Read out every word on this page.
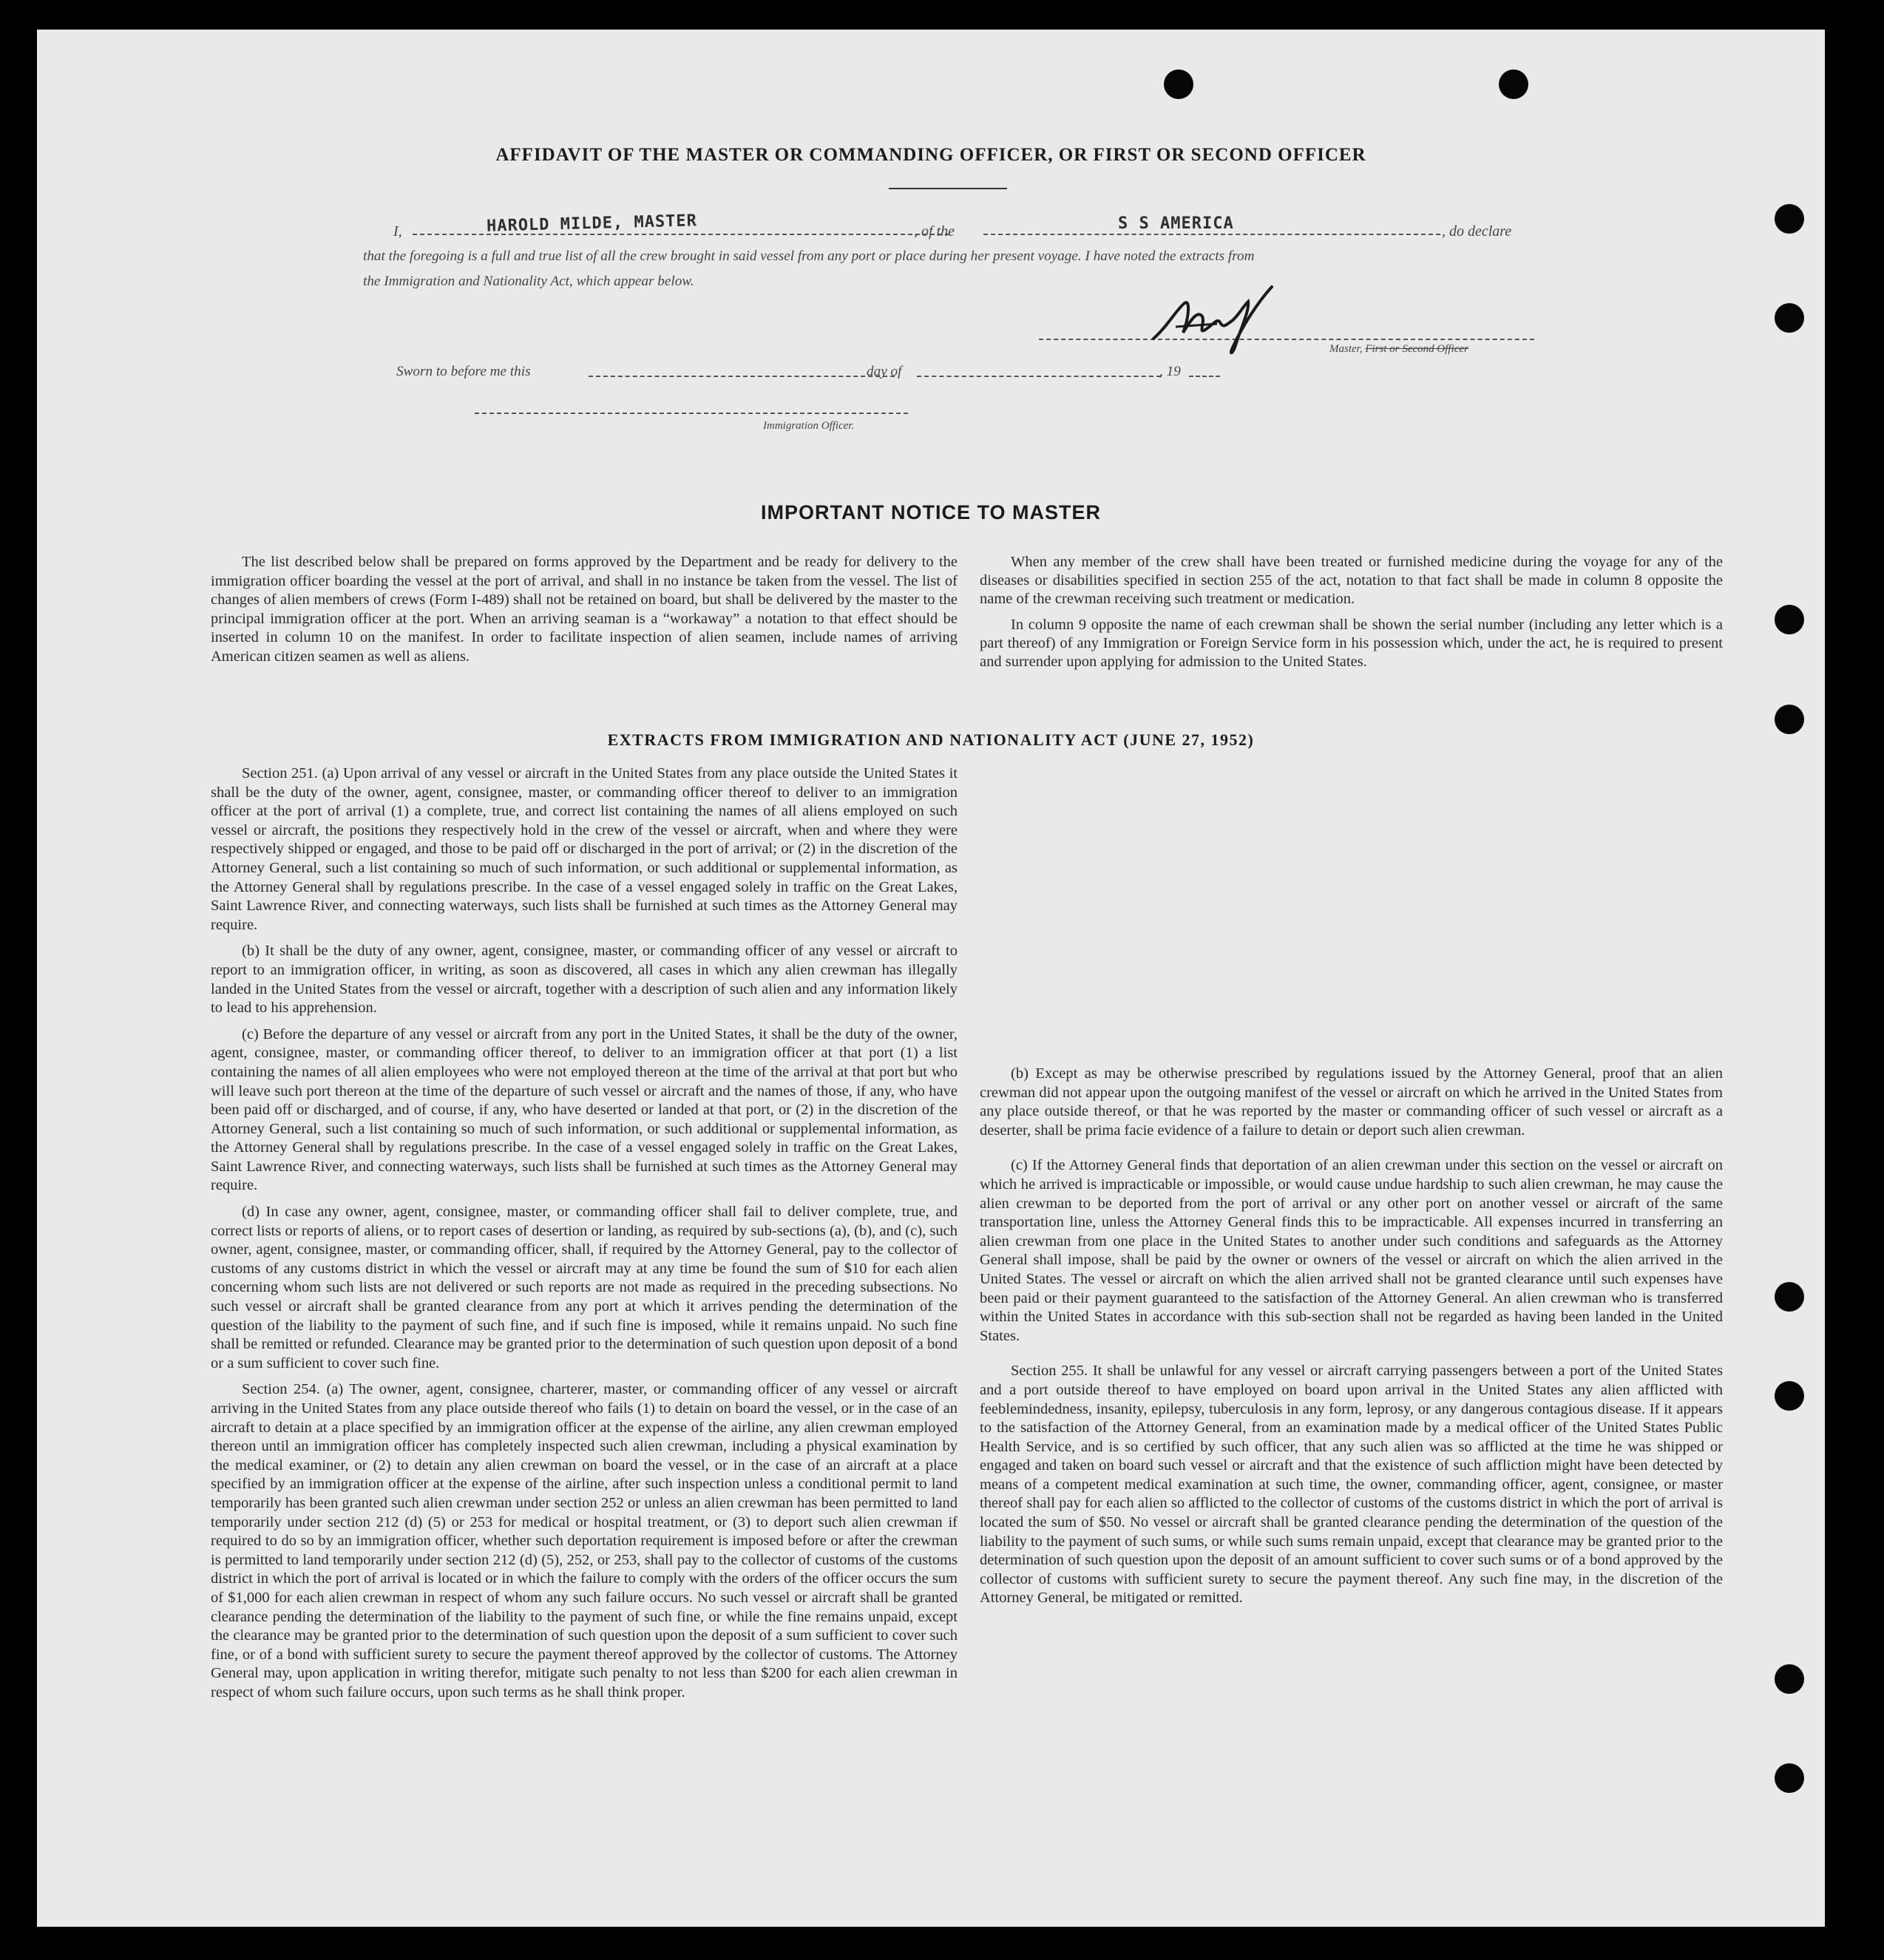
AFFIDAVIT OF THE MASTER OR COMMANDING OFFICER, OR FIRST OR SECOND OFFICER
I,	HAROLD MILDE, MASTER	, of the	S S AMERICA	, do declare
that the foregoing is a full and true list of all the crew brought in said vessel from any port or place during her present voyage. I have noted the extracts from
the Immigration and Nationality Act, which appear below.
Master, First or Second Officer
Sworn to before me this	day of	, 19
Immigration Officer.
IMPORTANT NOTICE TO MASTER

The list described below shall be prepared on forms approved by the Department and be ready for delivery to the immigration officer boarding the vessel at the port of arrival, and shall in no instance be taken from the vessel. The list of changes of alien members of crews (Form I-489) shall not be retained on board, but shall be delivered by the master to the principal immigration officer at the port. When an arriving seaman is a “workaway” a notation to that effect should be inserted in column 10 on the manifest. In order to facilitate inspection of alien seamen, include names of arriving American citizen seamen as well as aliens.

When any member of the crew shall have been treated or furnished medicine during the voyage for any of the diseases or disabilities specified in section 255 of the act, notation to that fact shall be made in column 8 opposite the name of the crewman receiving such treatment or medication.

In column 9 opposite the name of each crewman shall be shown the serial number (including any letter which is a part thereof) of any Immigration or Foreign Service form in his possession which, under the act, he is required to present and surrender upon applying for admission to the United States.

EXTRACTS FROM IMMIGRATION AND NATIONALITY ACT (JUNE 27, 1952)

Section 251. (a) Upon arrival of any vessel or aircraft in the United States from any place outside the United States it shall be the duty of the owner, agent, consignee, master, or commanding officer thereof to deliver to an immigration officer at the port of arrival (1) a complete, true, and correct list containing the names of all aliens employed on such vessel or aircraft, the positions they respectively hold in the crew of the vessel or aircraft, when and where they were respectively shipped or engaged, and those to be paid off or discharged in the port of arrival; or (2) in the discretion of the Attorney General, such a list containing so much of such information, or such additional or supplemental information, as the Attorney General shall by regulations prescribe. In the case of a vessel engaged solely in traffic on the Great Lakes, Saint Lawrence River, and connecting waterways, such lists shall be furnished at such times as the Attorney General may require.

(b) It shall be the duty of any owner, agent, consignee, master, or commanding officer of any vessel or aircraft to report to an immigration officer, in writing, as soon as discovered, all cases in which any alien crewman has illegally landed in the United States from the vessel or aircraft, together with a description of such alien and any information likely to lead to his apprehension.

(c) Before the departure of any vessel or aircraft from any port in the United States, it shall be the duty of the owner, agent, consignee, master, or commanding officer thereof, to deliver to an immigration officer at that port (1) a list containing the names of all alien employees who were not employed thereon at the time of the arrival at that port but who will leave such port thereon at the time of the departure of such vessel or aircraft and the names of those, if any, who have been paid off or discharged, and of course, if any, who have deserted or landed at that port, or (2) in the discretion of the Attorney General, such a list containing so much of such information, or such additional or supplemental information, as the Attorney General shall by regulations prescribe. In the case of a vessel engaged solely in traffic on the Great Lakes, Saint Lawrence River, and connecting waterways, such lists shall be furnished at such times as the Attorney General may require.

(d) In case any owner, agent, consignee, master, or commanding officer shall fail to deliver complete, true, and correct lists or reports of aliens, or to report cases of desertion or landing, as required by sub-sections (a), (b), and (c), such owner, agent, consignee, master, or commanding officer, shall, if required by the Attorney General, pay to the collector of customs of any customs district in which the vessel or aircraft may at any time be found the sum of $10 for each alien concerning whom such lists are not delivered or such reports are not made as required in the preceding subsections. No such vessel or aircraft shall be granted clearance from any port at which it arrives pending the determination of the question of the liability to the payment of such fine, and if such fine is imposed, while it remains unpaid. No such fine shall be remitted or refunded. Clearance may be granted prior to the determination of such question upon deposit of a bond or a sum sufficient to cover such fine.

Section 254. (a) The owner, agent, consignee, charterer, master, or commanding officer of any vessel or aircraft arriving in the United States from any place outside thereof who fails (1) to detain on board the vessel, or in the case of an aircraft to detain at a place specified by an immigration officer at the expense of the airline, any alien crewman employed thereon until an immigration officer has completely inspected such alien crewman, including a physical examination by the medical examiner, or (2) to detain any alien crewman on board the vessel, or in the case of an aircraft at a place specified by an immigration officer at the expense of the airline, after such inspection unless a conditional permit to land temporarily has been granted such alien crewman under section 252 or unless an alien crewman has been permitted to land temporarily under section 212 (d) (5) or 253 for medical or hospital treatment, or (3) to deport such alien crewman if required to do so by an immigration officer, whether such deportation requirement is imposed before or after the crewman is permitted to land temporarily under section 212 (d) (5), 252, or 253, shall pay to the collector of customs of the customs district in which the port of arrival is located or in which the failure to comply with the orders of the officer occurs the sum of $1,000 for each alien crewman in respect of whom any such failure occurs. No such vessel or aircraft shall be granted clearance pending the determination of the liability to the payment of such fine, or while the fine remains unpaid, except the clearance may be granted prior to the determination of such question upon the deposit of a sum sufficient to cover such fine, or of a bond with sufficient surety to secure the payment thereof approved by the collector of customs. The Attorney General may, upon application in writing therefor, mitigate such penalty to not less than $200 for each alien crewman in respect of whom such failure occurs, upon such terms as he shall think proper.

(b) Except as may be otherwise prescribed by regulations issued by the Attorney General, proof that an alien crewman did not appear upon the outgoing manifest of the vessel or aircraft on which he arrived in the United States from any place outside thereof, or that he was reported by the master or commanding officer of such vessel or aircraft as a deserter, shall be prima facie evidence of a failure to detain or deport such alien crewman.

(c) If the Attorney General finds that deportation of an alien crewman under this section on the vessel or aircraft on which he arrived is impracticable or impossible, or would cause undue hardship to such alien crewman, he may cause the alien crewman to be deported from the port of arrival or any other port on another vessel or aircraft of the same transportation line, unless the Attorney General finds this to be impracticable. All expenses incurred in transferring an alien crewman from one place in the United States to another under such conditions and safeguards as the Attorney General shall impose, shall be paid by the owner or owners of the vessel or aircraft on which the alien arrived in the United States. The vessel or aircraft on which the alien arrived shall not be granted clearance until such expenses have been paid or their payment guaranteed to the satisfaction of the Attorney General. An alien crewman who is transferred within the United States in accordance with this sub-section shall not be regarded as having been landed in the United States.

Section 255. It shall be unlawful for any vessel or aircraft carrying passengers between a port of the United States and a port outside thereof to have employed on board upon arrival in the United States any alien afflicted with feeblemindedness, insanity, epilepsy, tuberculosis in any form, leprosy, or any dangerous contagious disease. If it appears to the satisfaction of the Attorney General, from an examination made by a medical officer of the United States Public Health Service, and is so certified by such officer, that any such alien was so afflicted at the time he was shipped or engaged and taken on board such vessel or aircraft and that the existence of such affliction might have been detected by means of a competent medical examination at such time, the owner, commanding officer, agent, consignee, or master thereof shall pay for each alien so afflicted to the collector of customs of the customs district in which the port of arrival is located the sum of $50. No vessel or aircraft shall be granted clearance pending the determination of the question of the liability to the payment of such sums, or while such sums remain unpaid, except that clearance may be granted prior to the determination of such question upon the deposit of an amount sufficient to cover such sums or of a bond approved by the collector of customs with sufficient surety to secure the payment thereof. Any such fine may, in the discretion of the Attorney General, be mitigated or remitted.
